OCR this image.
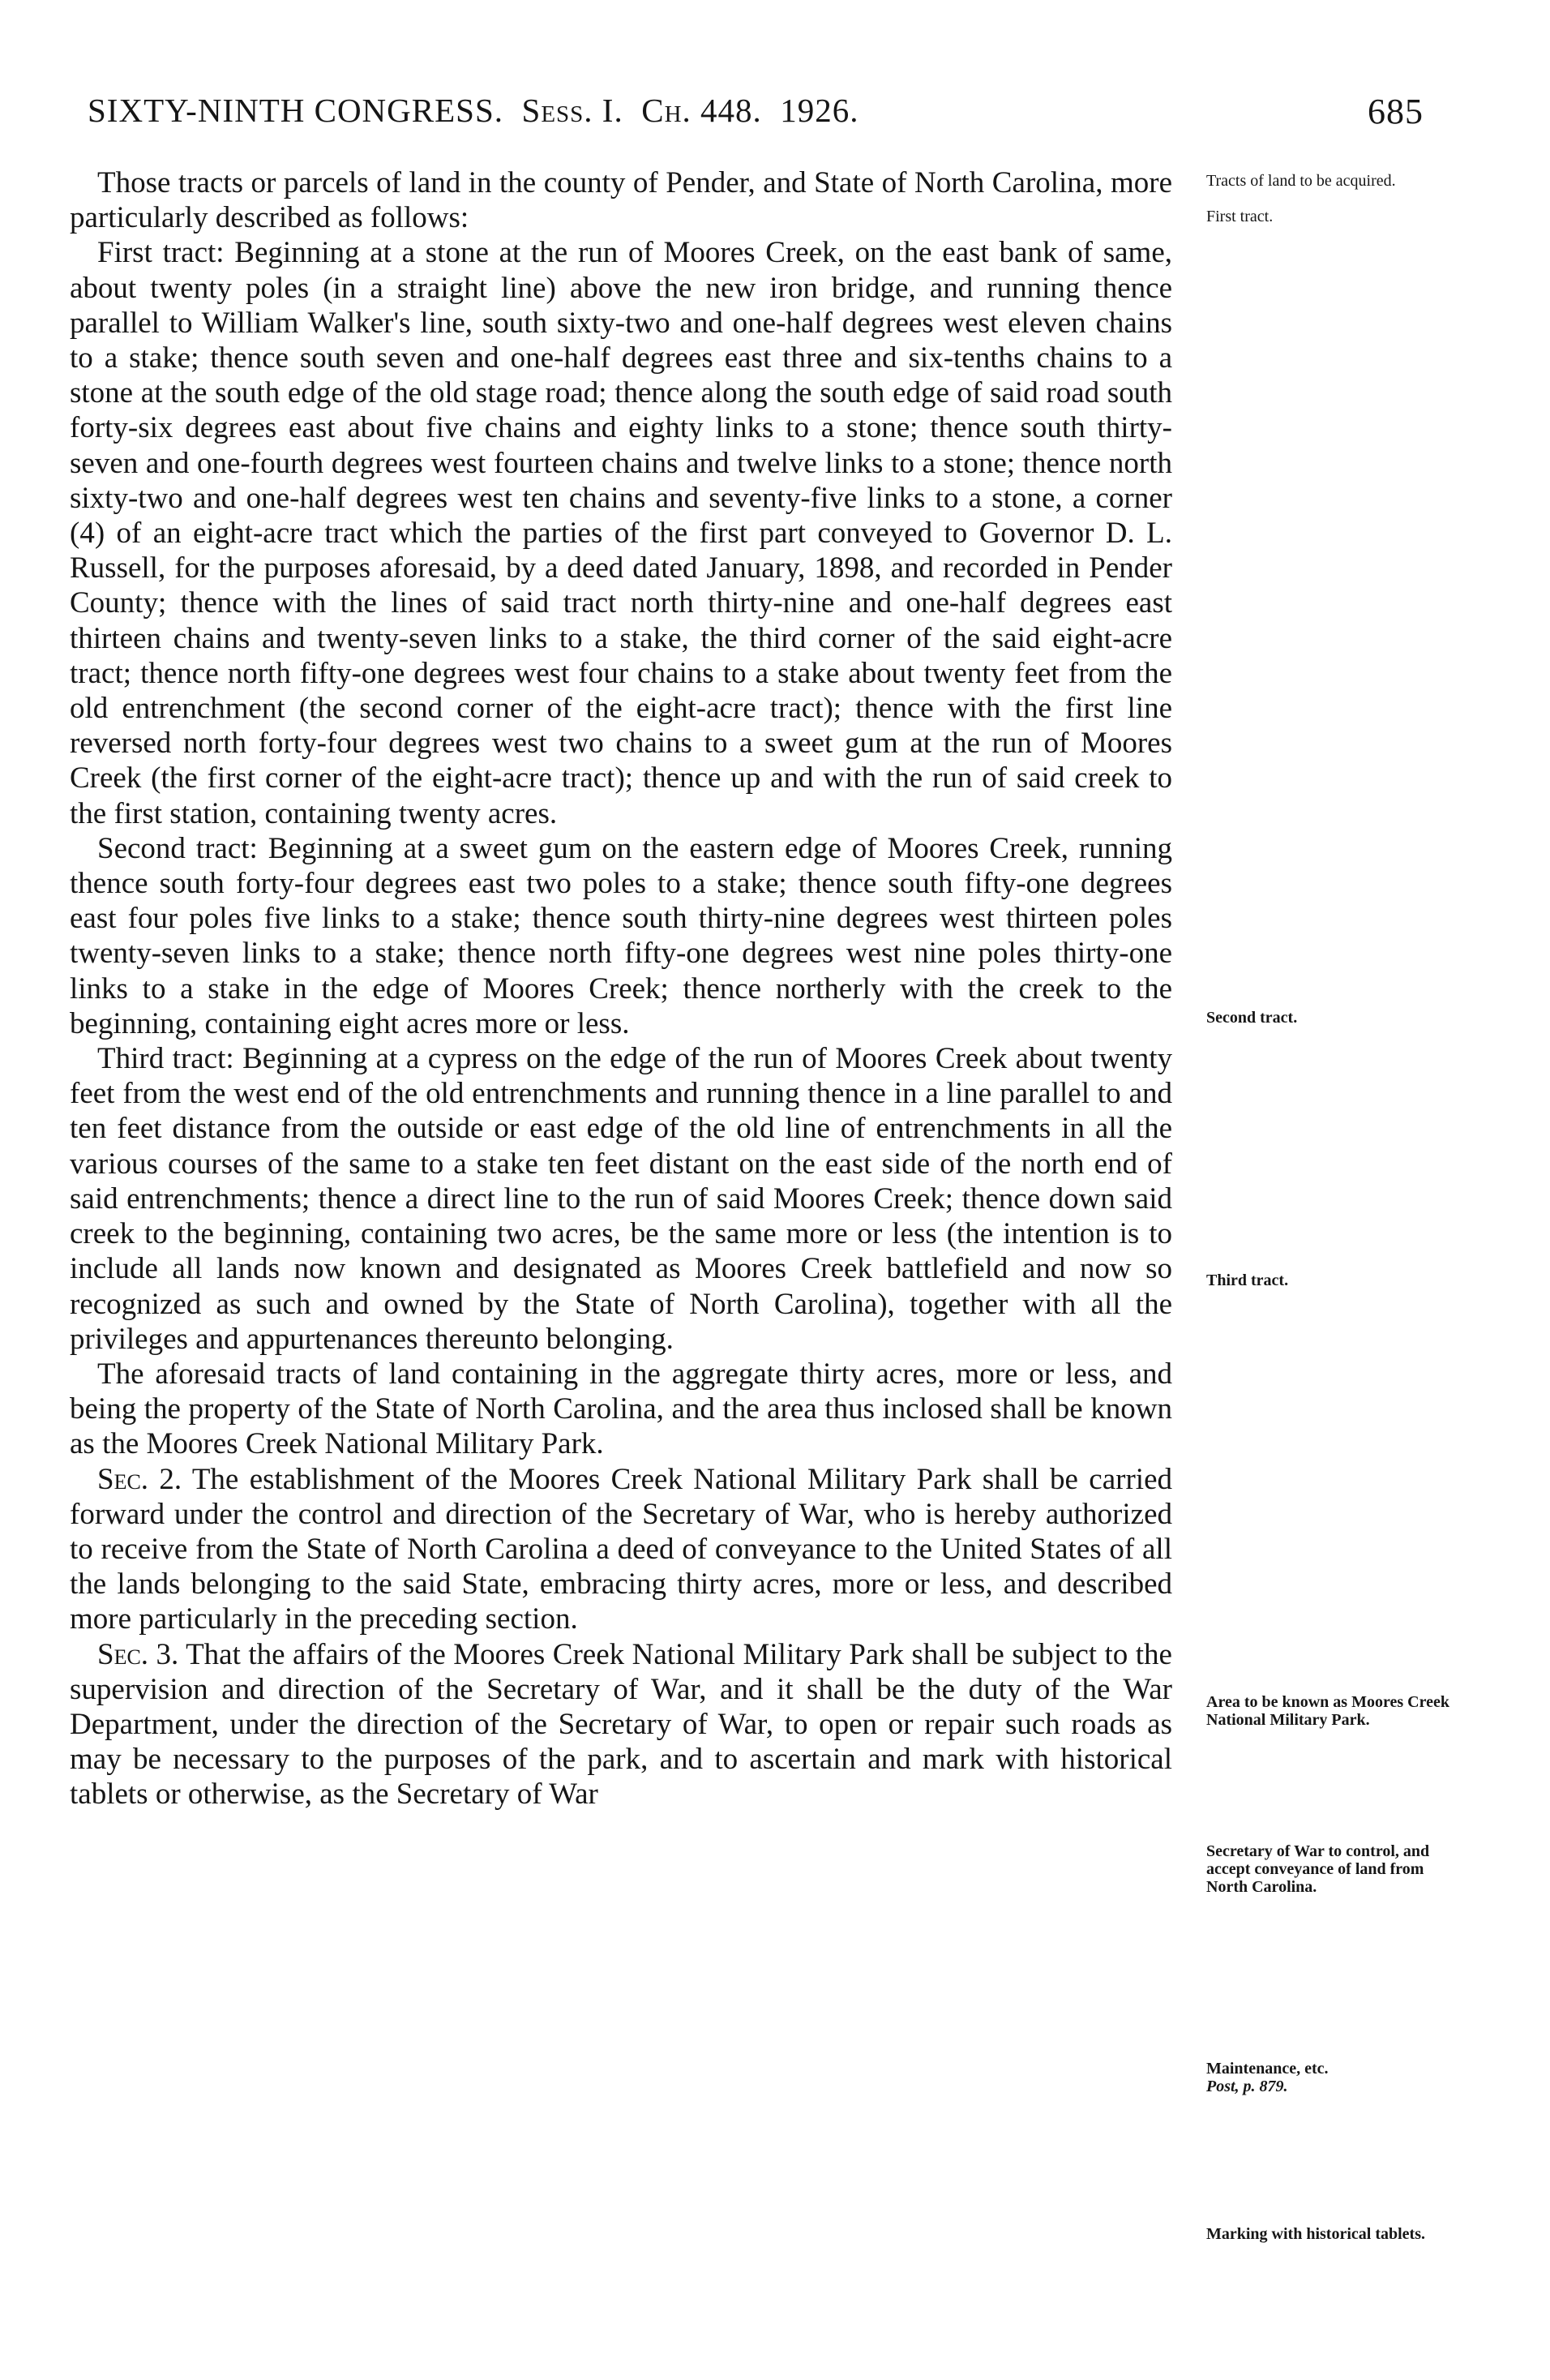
SIXTY-NINTH CONGRESS. Sess. I. Ch. 448. 1926.	685

Those tracts or parcels of land in the county of Pender, and State of North Carolina, more particularly described as follows:

First tract: Beginning at a stone at the run of Moores Creek, on the east bank of same, about twenty poles (in a straight line) above the new iron bridge, and running thence parallel to William Walker's line, south sixty-two and one-half degrees west eleven chains to a stake; thence south seven and one-half degrees east three and six-tenths chains to a stone at the south edge of the old stage road; thence along the south edge of said road south forty-six degrees east about five chains and eighty links to a stone; thence south thirty-seven and one-fourth degrees west fourteen chains and twelve links to a stone; thence north sixty-two and one-half degrees west ten chains and seventy-five links to a stone, a corner (4) of an eight-acre tract which the parties of the first part conveyed to Governor D. L. Russell, for the purposes aforesaid, by a deed dated January, 1898, and recorded in Pender County; thence with the lines of said tract north thirty-nine and one-half degrees east thirteen chains and twenty-seven links to a stake, the third corner of the said eight-acre tract; thence north fifty-one degrees west four chains to a stake about twenty feet from the old entrenchment (the second corner of the eight-acre tract); thence with the first line reversed north forty-four degrees west two chains to a sweet gum at the run of Moores Creek (the first corner of the eight-acre tract); thence up and with the run of said creek to the first station, containing twenty acres.

Second tract: Beginning at a sweet gum on the eastern edge of Moores Creek, running thence south forty-four degrees east two poles to a stake; thence south fifty-one degrees east four poles five links to a stake; thence south thirty-nine degrees west thirteen poles twenty-seven links to a stake; thence north fifty-one degrees west nine poles thirty-one links to a stake in the edge of Moores Creek; thence northerly with the creek to the beginning, containing eight acres more or less.

Third tract: Beginning at a cypress on the edge of the run of Moores Creek about twenty feet from the west end of the old entrenchments and running thence in a line parallel to and ten feet distance from the outside or east edge of the old line of entrenchments in all the various courses of the same to a stake ten feet distant on the east side of the north end of said entrenchments; thence a direct line to the run of said Moores Creek; thence down said creek to the beginning, containing two acres, be the same more or less (the intention is to include all lands now known and designated as Moores Creek battlefield and now so recognized as such and owned by the State of North Carolina), together with all the privileges and appurtenances thereunto belonging.

The aforesaid tracts of land containing in the aggregate thirty acres, more or less, and being the property of the State of North Carolina, and the area thus inclosed shall be known as the Moores Creek National Military Park.

Sec. 2. The establishment of the Moores Creek National Military Park shall be carried forward under the control and direction of the Secretary of War, who is hereby authorized to receive from the State of North Carolina a deed of conveyance to the United States of all the lands belonging to the said State, embracing thirty acres, more or less, and described more particularly in the preceding section.

Sec. 3. That the affairs of the Moores Creek National Military Park shall be subject to the supervision and direction of the Secretary of War, and it shall be the duty of the War Department, under the direction of the Secretary of War, to open or repair such roads as may be necessary to the purposes of the park, and to ascertain and mark with historical tablets or otherwise, as the Secretary of War

Tracts of land to be acquired.
First tract.
Second tract.
Third tract.
Area to be known as Moores Creek National Military Park.
Secretary of War to control, and accept conveyance of land from North Carolina.
Maintenance, etc.
Post, p. 879.
Marking with historical tablets.
